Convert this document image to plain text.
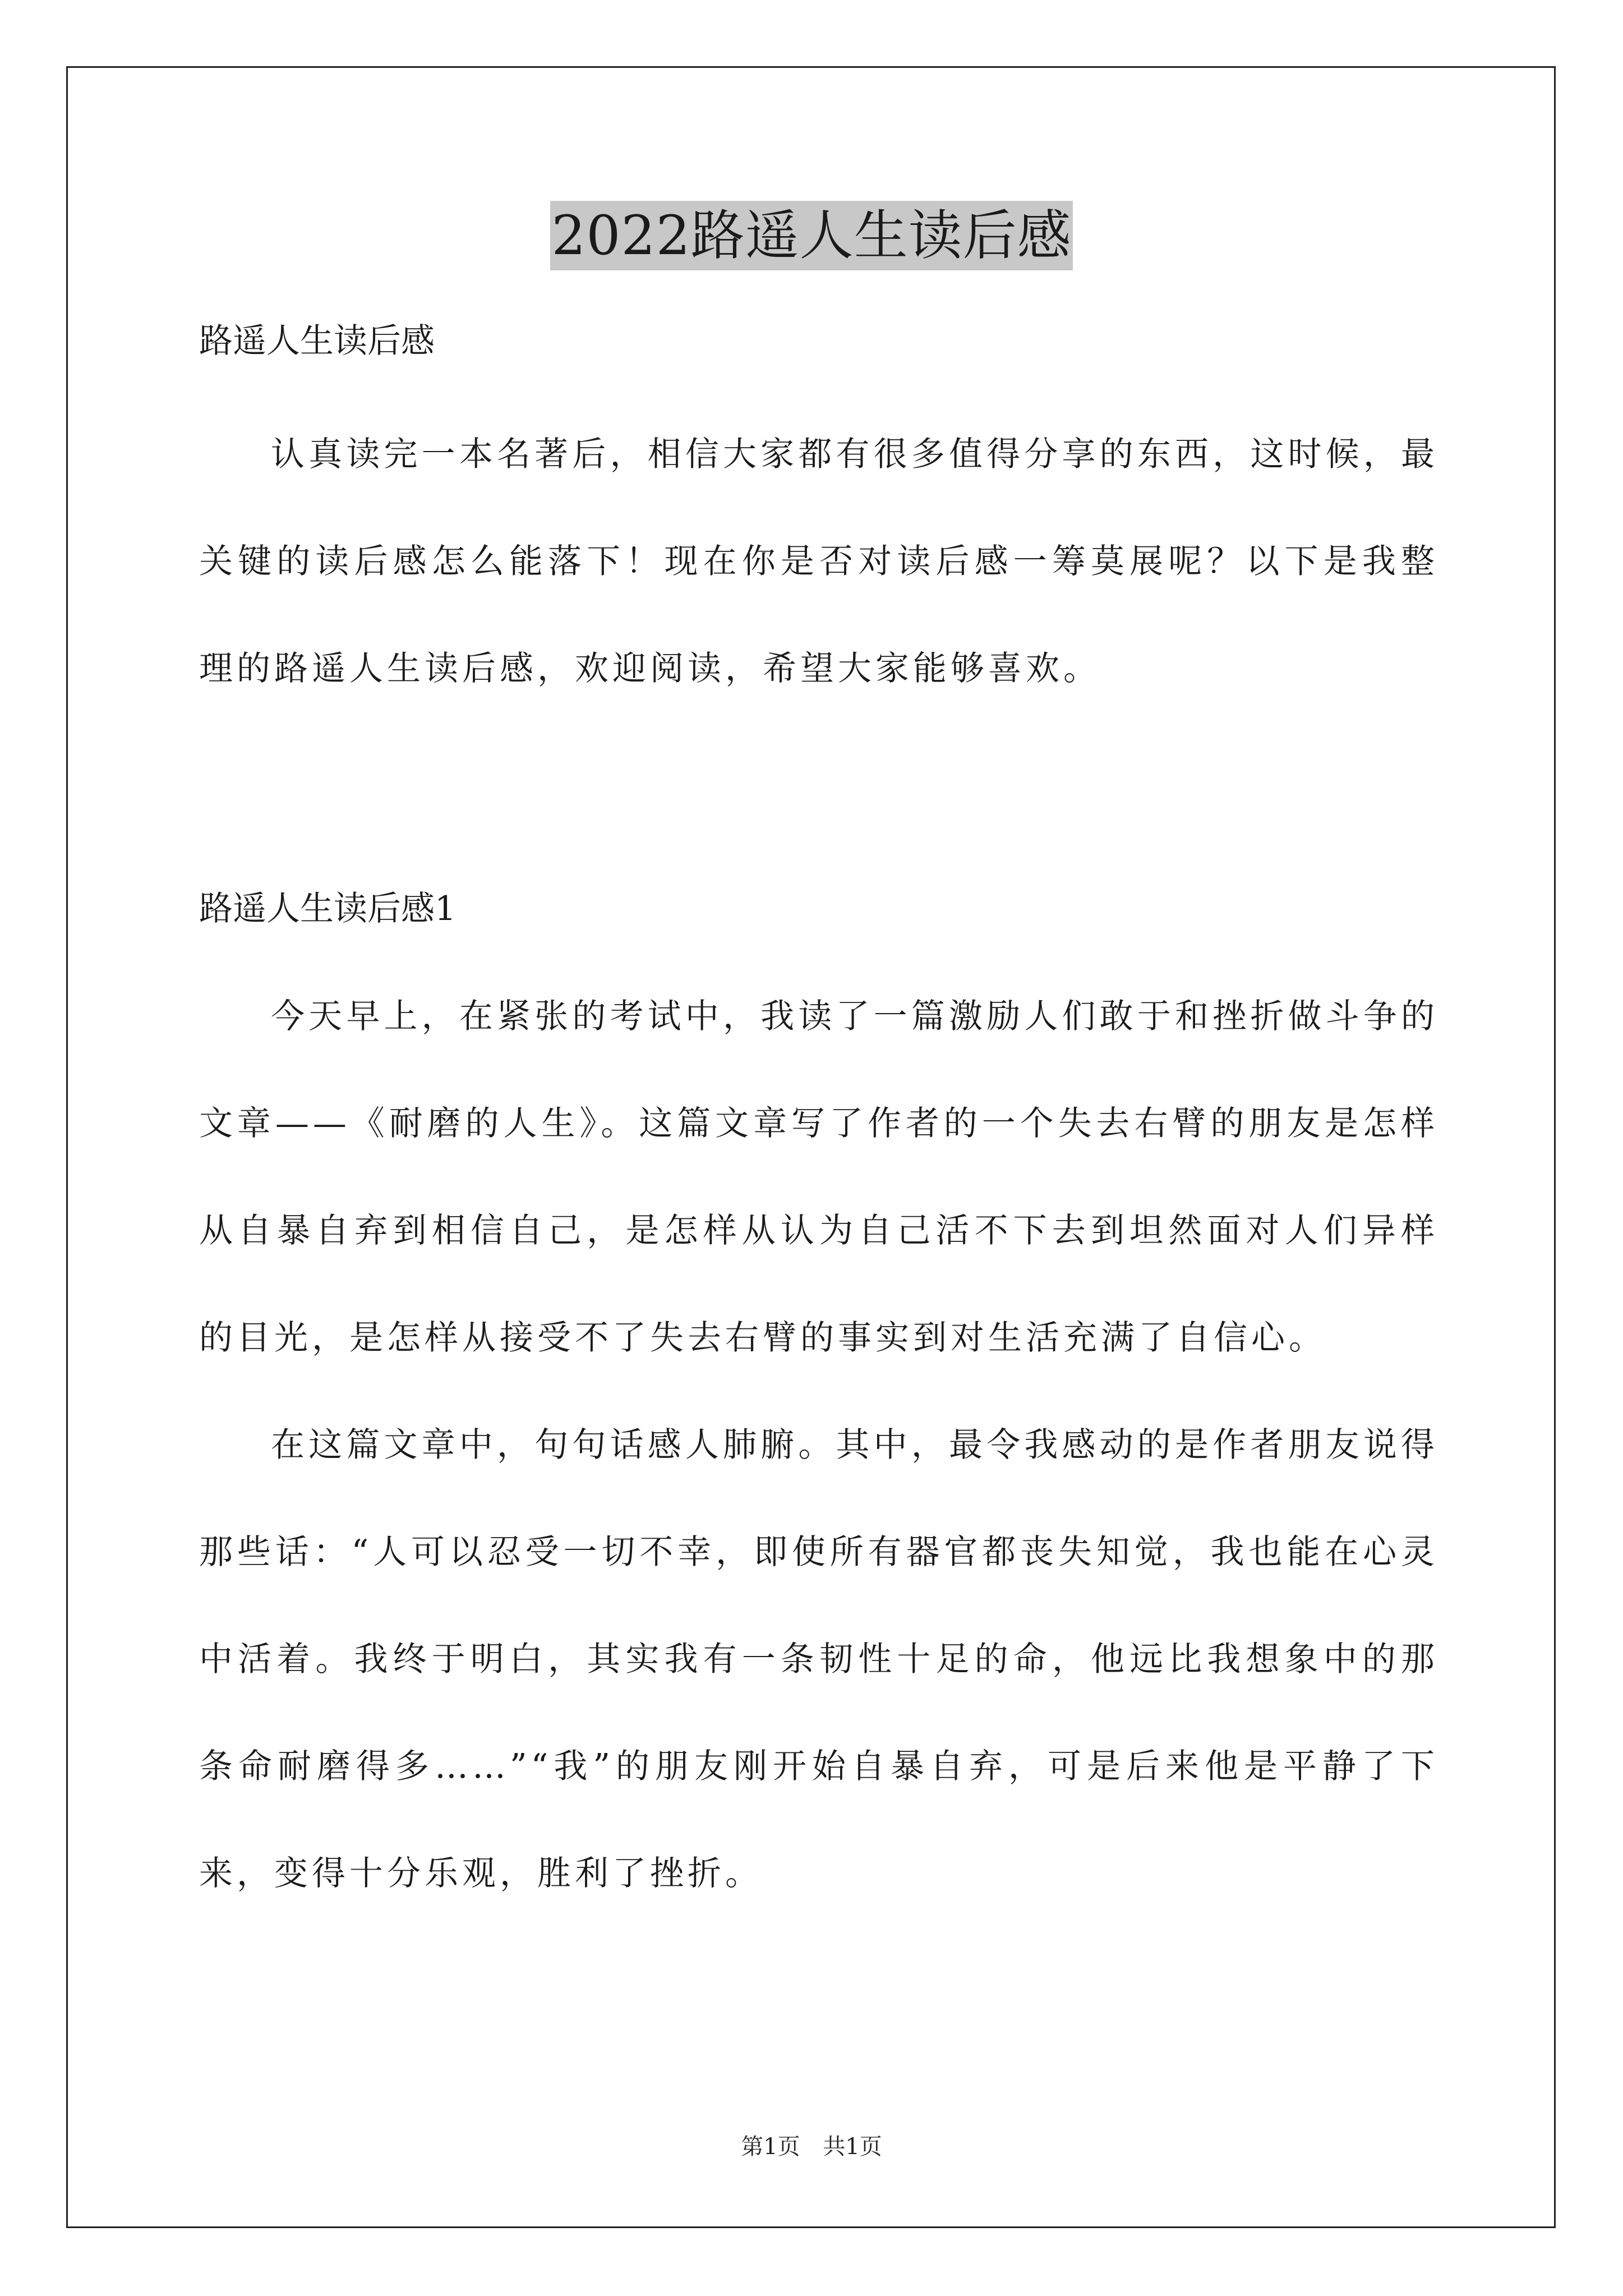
2022路遥人生读后感

路遥人生读后感

认真读完一本名著后，相信大家都有很多值得分享的东西，这时候，最关键的读后感怎么能落下！现在你是否对读后感一筹莫展呢？以下是我整理的路遥人生读后感，欢迎阅读，希望大家能够喜欢。

路遥人生读后感1

今天早上，在紧张的考试中，我读了一篇激励人们敢于和挫折做斗争的文章——《耐磨的人生》。这篇文章写了作者的一个失去右臂的朋友是怎样从自暴自弃到相信自己，是怎样从认为自己活不下去到坦然面对人们异样的目光，是怎样从接受不了失去右臂的事实到对生活充满了自信心。

在这篇文章中，句句话感人肺腑。其中，最令我感动的是作者朋友说得那些话：“人可以忍受一切不幸，即使所有器官都丧失知觉，我也能在心灵中活着。我终于明白，其实我有一条韧性十足的命，他远比我想象中的那条命耐磨得多……”“我”的朋友刚开始自暴自弃，可是后来他是平静了下来，变得十分乐观，胜利了挫折。

第1页 共1页
